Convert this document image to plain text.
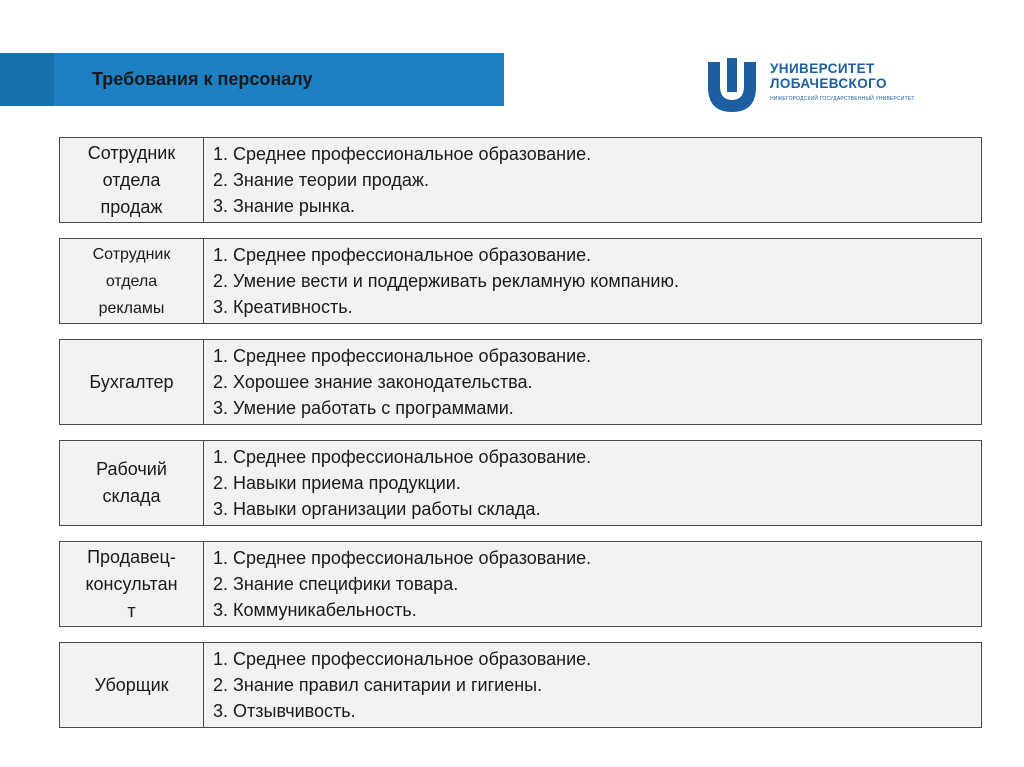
Требования к персоналу
УНИВЕРСИТЕТ
ЛОБАЧЕВСКОГО
НИЖЕГОРОДСКИЙ ГОСУДАРСТВЕННЫЙ УНИВЕРСИТЕТ
Сотрудник
отдела
продаж
1. Среднее профессиональное образование.
2. Знание теории продаж.
3. Знание рынка.
Сотрудник
отдела
рекламы
1. Среднее профессиональное образование.
2. Умение вести и поддерживать рекламную компанию.
3. Креативность.
Бухгалтер
1. Среднее профессиональное образование.
2. Хорошее знание законодательства.
3. Умение работать с программами.
Рабочий
склада
1. Среднее профессиональное образование.
2. Навыки приема продукции.
3. Навыки организации работы склада.
Продавец-
консультан
т
1. Среднее профессиональное образование.
2. Знание специфики товара.
3. Коммуникабельность.
Уборщик
1. Среднее профессиональное образование.
2. Знание правил санитарии и гигиены.
3. Отзывчивость.
